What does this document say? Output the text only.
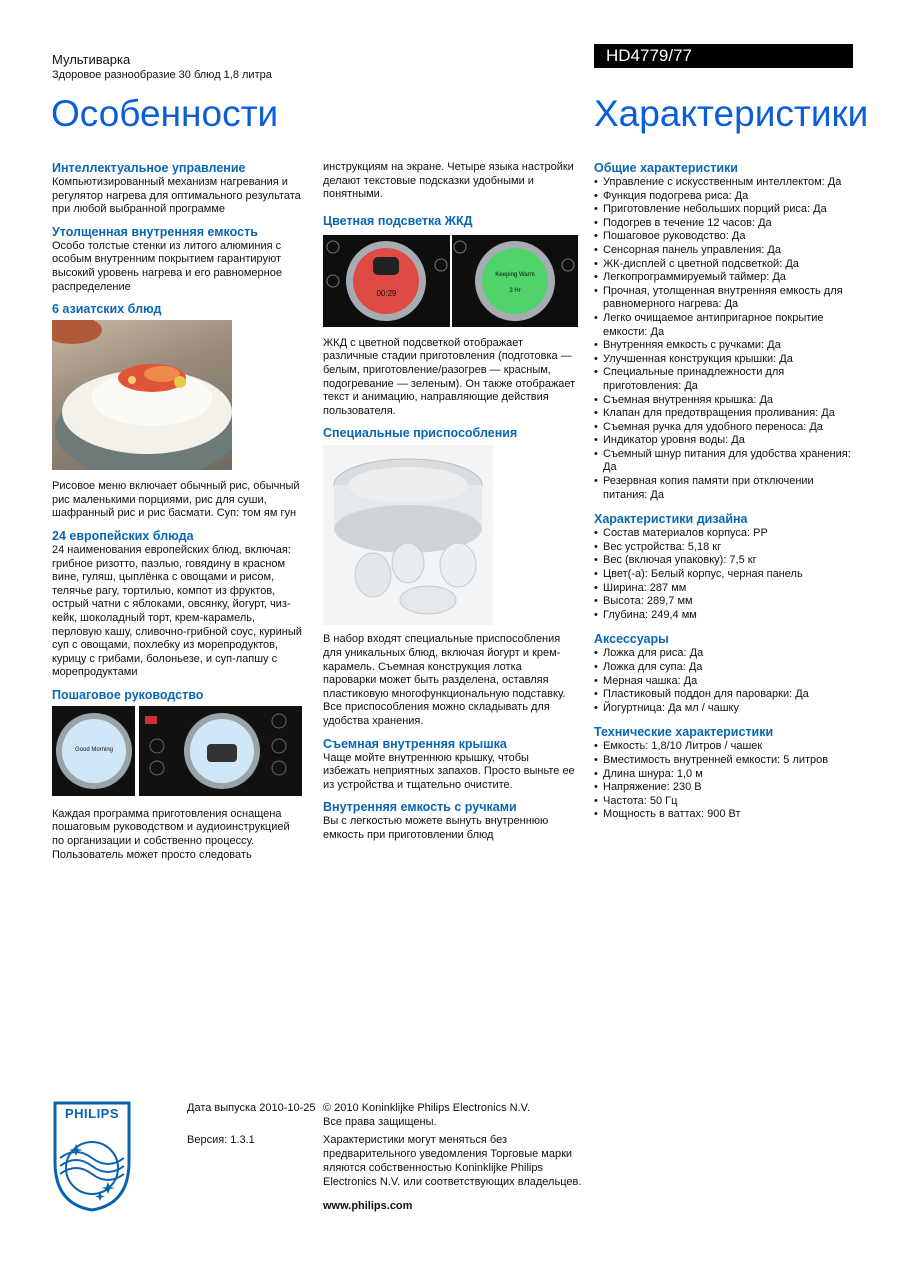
Мультиварка
Здоровое разнообразие 30 блюд 1,8 литра
HD4779/77
Особенности	Характеристики
Интеллектуальное управление

Компьютизированный механизм нагревания и регулятор нагрева для оптимального результата при любой выбранной программе

Утолщенная внутренняя емкость

Особо толстые стенки из литого алюминия с особым внутренним покрытием гарантируют высокий уровень нагрева и его равномерное распределение

6 азиатских блюд

Рисовое меню включает обычный рис, обычный рис маленькими порциями, рис для суши, шафранный рис и рис басмати. Суп: том ям гун

24 европейских блюда

24 наименования европейских блюд, включая: грибное ризотто, паэлью, говядину в красном вине, гуляш, цыплёнка с овощами и рисом, телячье рагу, тортилью, компот из фруктов, острый чатни с яблоками, овсянку, йогурт, чиз-кейк, шоколадный торт, крем-карамель, перловую кашу, сливочно-грибной соус, куриный суп с овощами, похлебку из морепродуктов, курицу с грибами, болоньезе, и суп-лапшу с морепродуктами

Пошаговое руководство
Good Morning

Каждая программа приготовления оснащена пошаговым руководством и аудиоинструкцией по организации и собственно процессу. Пользователь может просто следовать

инструкциям на экране. Четыре языка настройки делают текстовые подсказки удобными и понятными.

Цветная подсветка ЖКД
00:29
Keeping Warm
3 Hr

ЖКД с цветной подсветкой отображает различные стадии приготовления (подготовка — белым, приготовление/разогрев — красным, подогревание — зеленым). Он также отображает текст и анимацию, направляющие действия пользователя.

Специальные приспособления

В набор входят специальные приспособления для уникальных блюд, включая йогурт и крем-карамель. Съемная конструкция лотка пароварки может быть разделена, оставляя пластиковую многофункциональную подставку. Все приспособления можно складывать для удобства хранения.

Съемная внутренняя крышка

Чаще мойте внутреннюю крышку, чтобы избежать неприятных запахов. Просто выньте ее из устройства и тщательно очистите.

Внутренняя емкость с ручками

Вы с легкостью можете вынуть внутреннюю емкость при приготовлении блюд

Общие характеристики
• Управление с искусственным интеллектом: Да
• Функция подогрева риса: Да
• Приготовление небольших порций риса: Да
• Подогрев в течение 12 часов: Да
• Пошаговое руководство: Да
• Сенсорная панель управления: Да
• ЖК-дисплей с цветной подсветкой: Да
• Легкопрограммируемый таймер: Да
• Прочная, утолщенная внутренняя емкость для равномерного нагрева: Да
• Легко очищаемое антипригарное покрытие емкости: Да
• Внутренняя емкость с ручками: Да
• Улучшенная конструкция крышки: Да
• Специальные принадлежности для приготовления: Да
• Съемная внутренняя крышка: Да
• Клапан для предотвращения проливания: Да
• Съемная ручка для удобного переноса: Да
• Индикатор уровня воды: Да
• Съемный шнур питания для удобства хранения: Да
• Резервная копия памяти при отключении питания: Да
Характеристики дизайна
• Состав материалов корпуса: PP
• Вес устройства: 5,18 кг
• Вес (включая упаковку): 7,5 кг
• Цвет(-а): Белый корпус, черная панель
• Ширина: 287 мм
• Высота: 289,7 мм
• Глубина: 249,4 мм
Аксессуары
• Ложка для риса: Да
• Ложка для супа: Да
• Мерная чашка: Да
• Пластиковый поддон для пароварки: Да
• Йогуртница: Да мл / чашку
Технические характеристики
• Емкость: 1,8/10 Литров / чашек
• Вместимость внутренней емкости: 5 литров
• Длина шнура: 1,0 м
• Напряжение: 230 В
• Частота: 50 Гц
• Мощность в ваттах: 900 Вт
PHILIPS	Дата выпуска 2010-10-25

Версия: 1.3.1

© 2010 Koninklijke Philips Electronics N.V.

Все права защищены.

Характеристики могут меняться без предварительного уведомления Торговые марки яляются собственностью Koninklijke Philips Electronics N.V. или соответствующих владельцев.

www.philips.com
